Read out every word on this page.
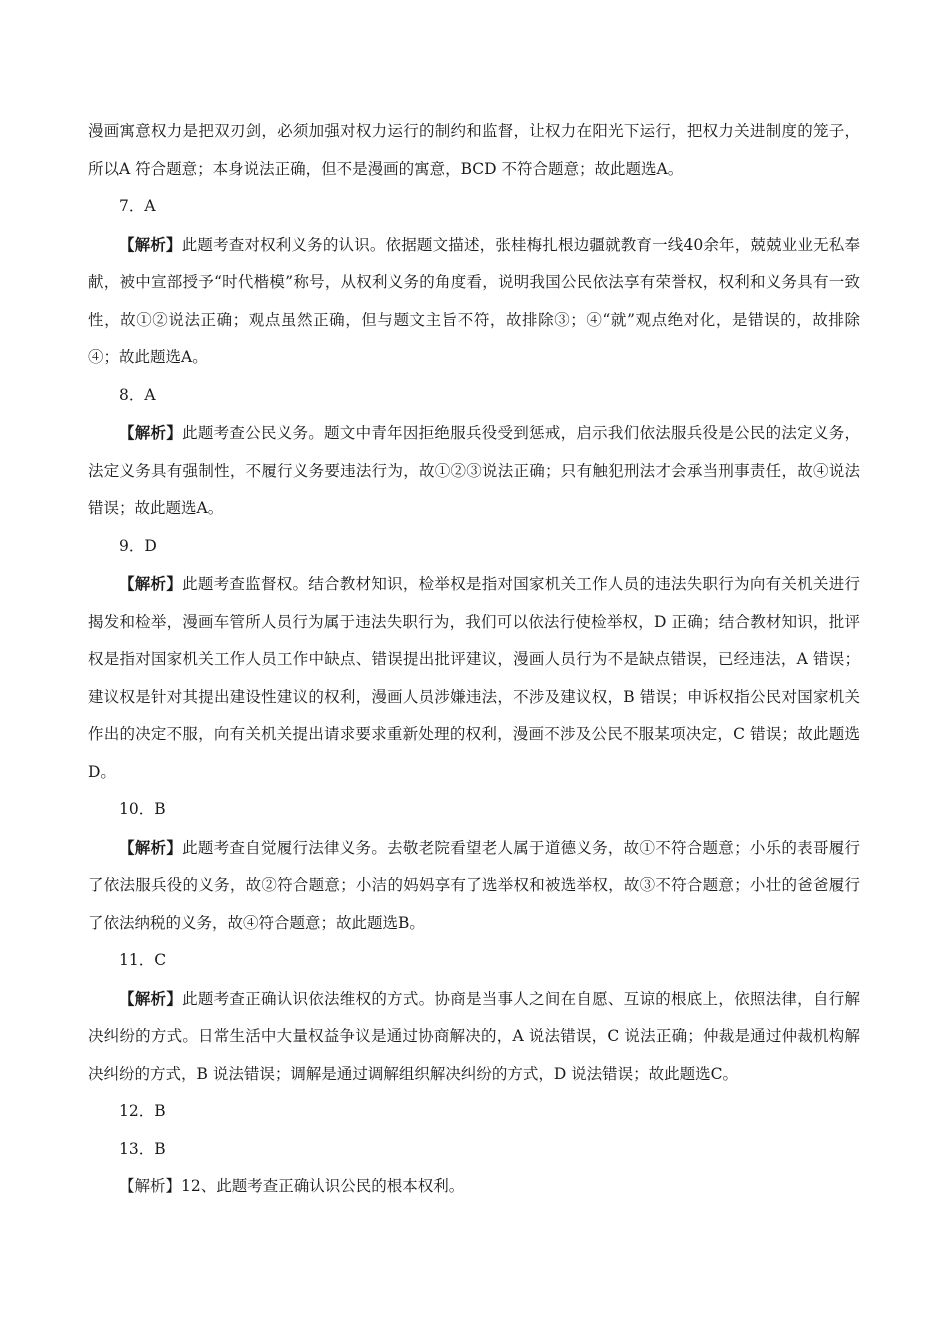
漫画寓意权力是把双刃剑，必须加强对权力运行的制约和监督，让权力在阳光下运行，把权力关进制度的笼子，所以A 符合题意；本身说法正确，但不是漫画的寓意，BCD 不符合题意；故此题选A。

7．A

【解析】此题考查对权利义务的认识。依据题文描述，张桂梅扎根边疆就教育一线40余年，兢兢业业无私奉献，被中宣部授予“时代楷模”称号，从权利义务的角度看，说明我国公民依法享有荣誉权，权利和义务具有一致性，故①②说法正确；观点虽然正确，但与题文主旨不符，故排除③；④“就”观点绝对化，是错误的，故排除④；故此题选A。

8．A

【解析】此题考查公民义务。题文中青年因拒绝服兵役受到惩戒，启示我们依法服兵役是公民的法定义务，法定义务具有强制性，不履行义务要违法行为，故①②③说法正确；只有触犯刑法才会承当刑事责任，故④说法错误；故此题选A。

9．D

【解析】此题考查监督权。结合教材知识，检举权是指对国家机关工作人员的违法失职行为向有关机关进行揭发和检举，漫画车管所人员行为属于违法失职行为，我们可以依法行使检举权，D 正确；结合教材知识，批评权是指对国家机关工作人员工作中缺点、错误提出批评建议，漫画人员行为不是缺点错误，已经违法，A 错误；建议权是针对其提出建设性建议的权利，漫画人员涉嫌违法，不涉及建议权，B 错误；申诉权指公民对国家机关作出的决定不服，向有关机关提出请求要求重新处理的权利，漫画不涉及公民不服某项决定，C 错误；故此题选D。

10．B

【解析】此题考查自觉履行法律义务。去敬老院看望老人属于道德义务，故①不符合题意；小乐的表哥履行了依法服兵役的义务，故②符合题意；小洁的妈妈享有了选举权和被选举权，故③不符合题意；小壮的爸爸履行了依法纳税的义务，故④符合题意；故此题选B。

11．C

【解析】此题考查正确认识依法维权的方式。协商是当事人之间在自愿、互谅的根底上，依照法律，自行解决纠纷的方式。日常生活中大量权益争议是通过协商解决的，A 说法错误，C 说法正确；仲裁是通过仲裁机构解决纠纷的方式，B 说法错误；调解是通过调解组织解决纠纷的方式，D 说法错误；故此题选C。

12．B

13．B

【解析】12、此题考查正确认识公民的根本权利。
